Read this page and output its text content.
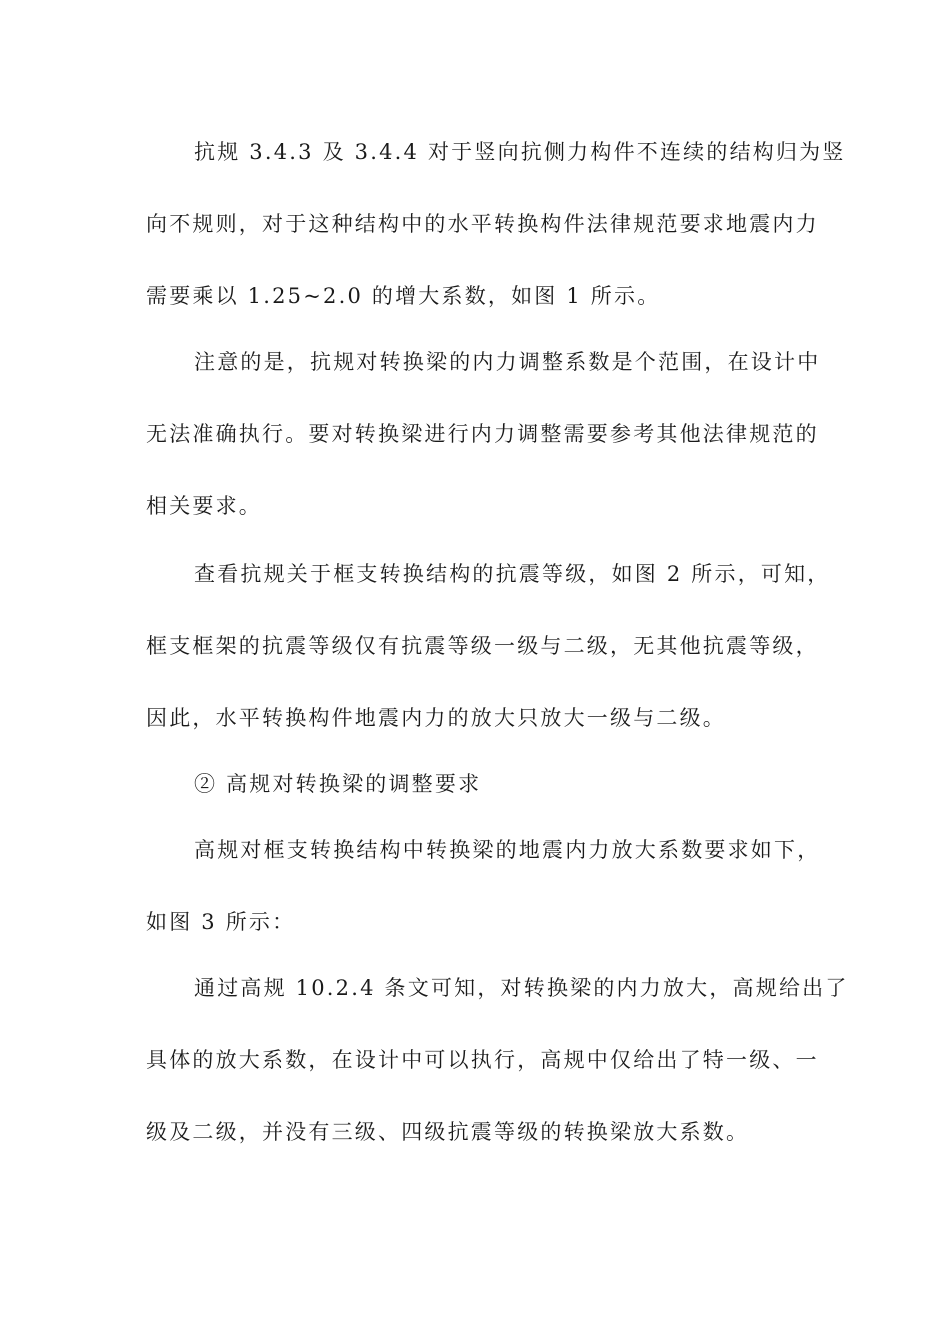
抗规 3.4.3 及 3.4.4 对于竖向抗侧力构件不连续的结构归为竖
向不规则，对于这种结构中的水平转换构件法律规范要求地震内力
需要乘以 1.25~2.0 的增大系数，如图 1 所示。
注意的是，抗规对转换梁的内力调整系数是个范围，在设计中
无法准确执行。要对转换梁进行内力调整需要参考其他法律规范的
相关要求。
查看抗规关于框支转换结构的抗震等级，如图 2 所示，可知，
框支框架的抗震等级仅有抗震等级一级与二级，无其他抗震等级，
因此，水平转换构件地震内力的放大只放大一级与二级。
② 高规对转换梁的调整要求
高规对框支转换结构中转换梁的地震内力放大系数要求如下，
如图 3 所示：
通过高规 10.2.4 条文可知，对转换梁的内力放大，高规给出了
具体的放大系数，在设计中可以执行，高规中仅给出了特一级、一
级及二级，并没有三级、四级抗震等级的转换梁放大系数。
